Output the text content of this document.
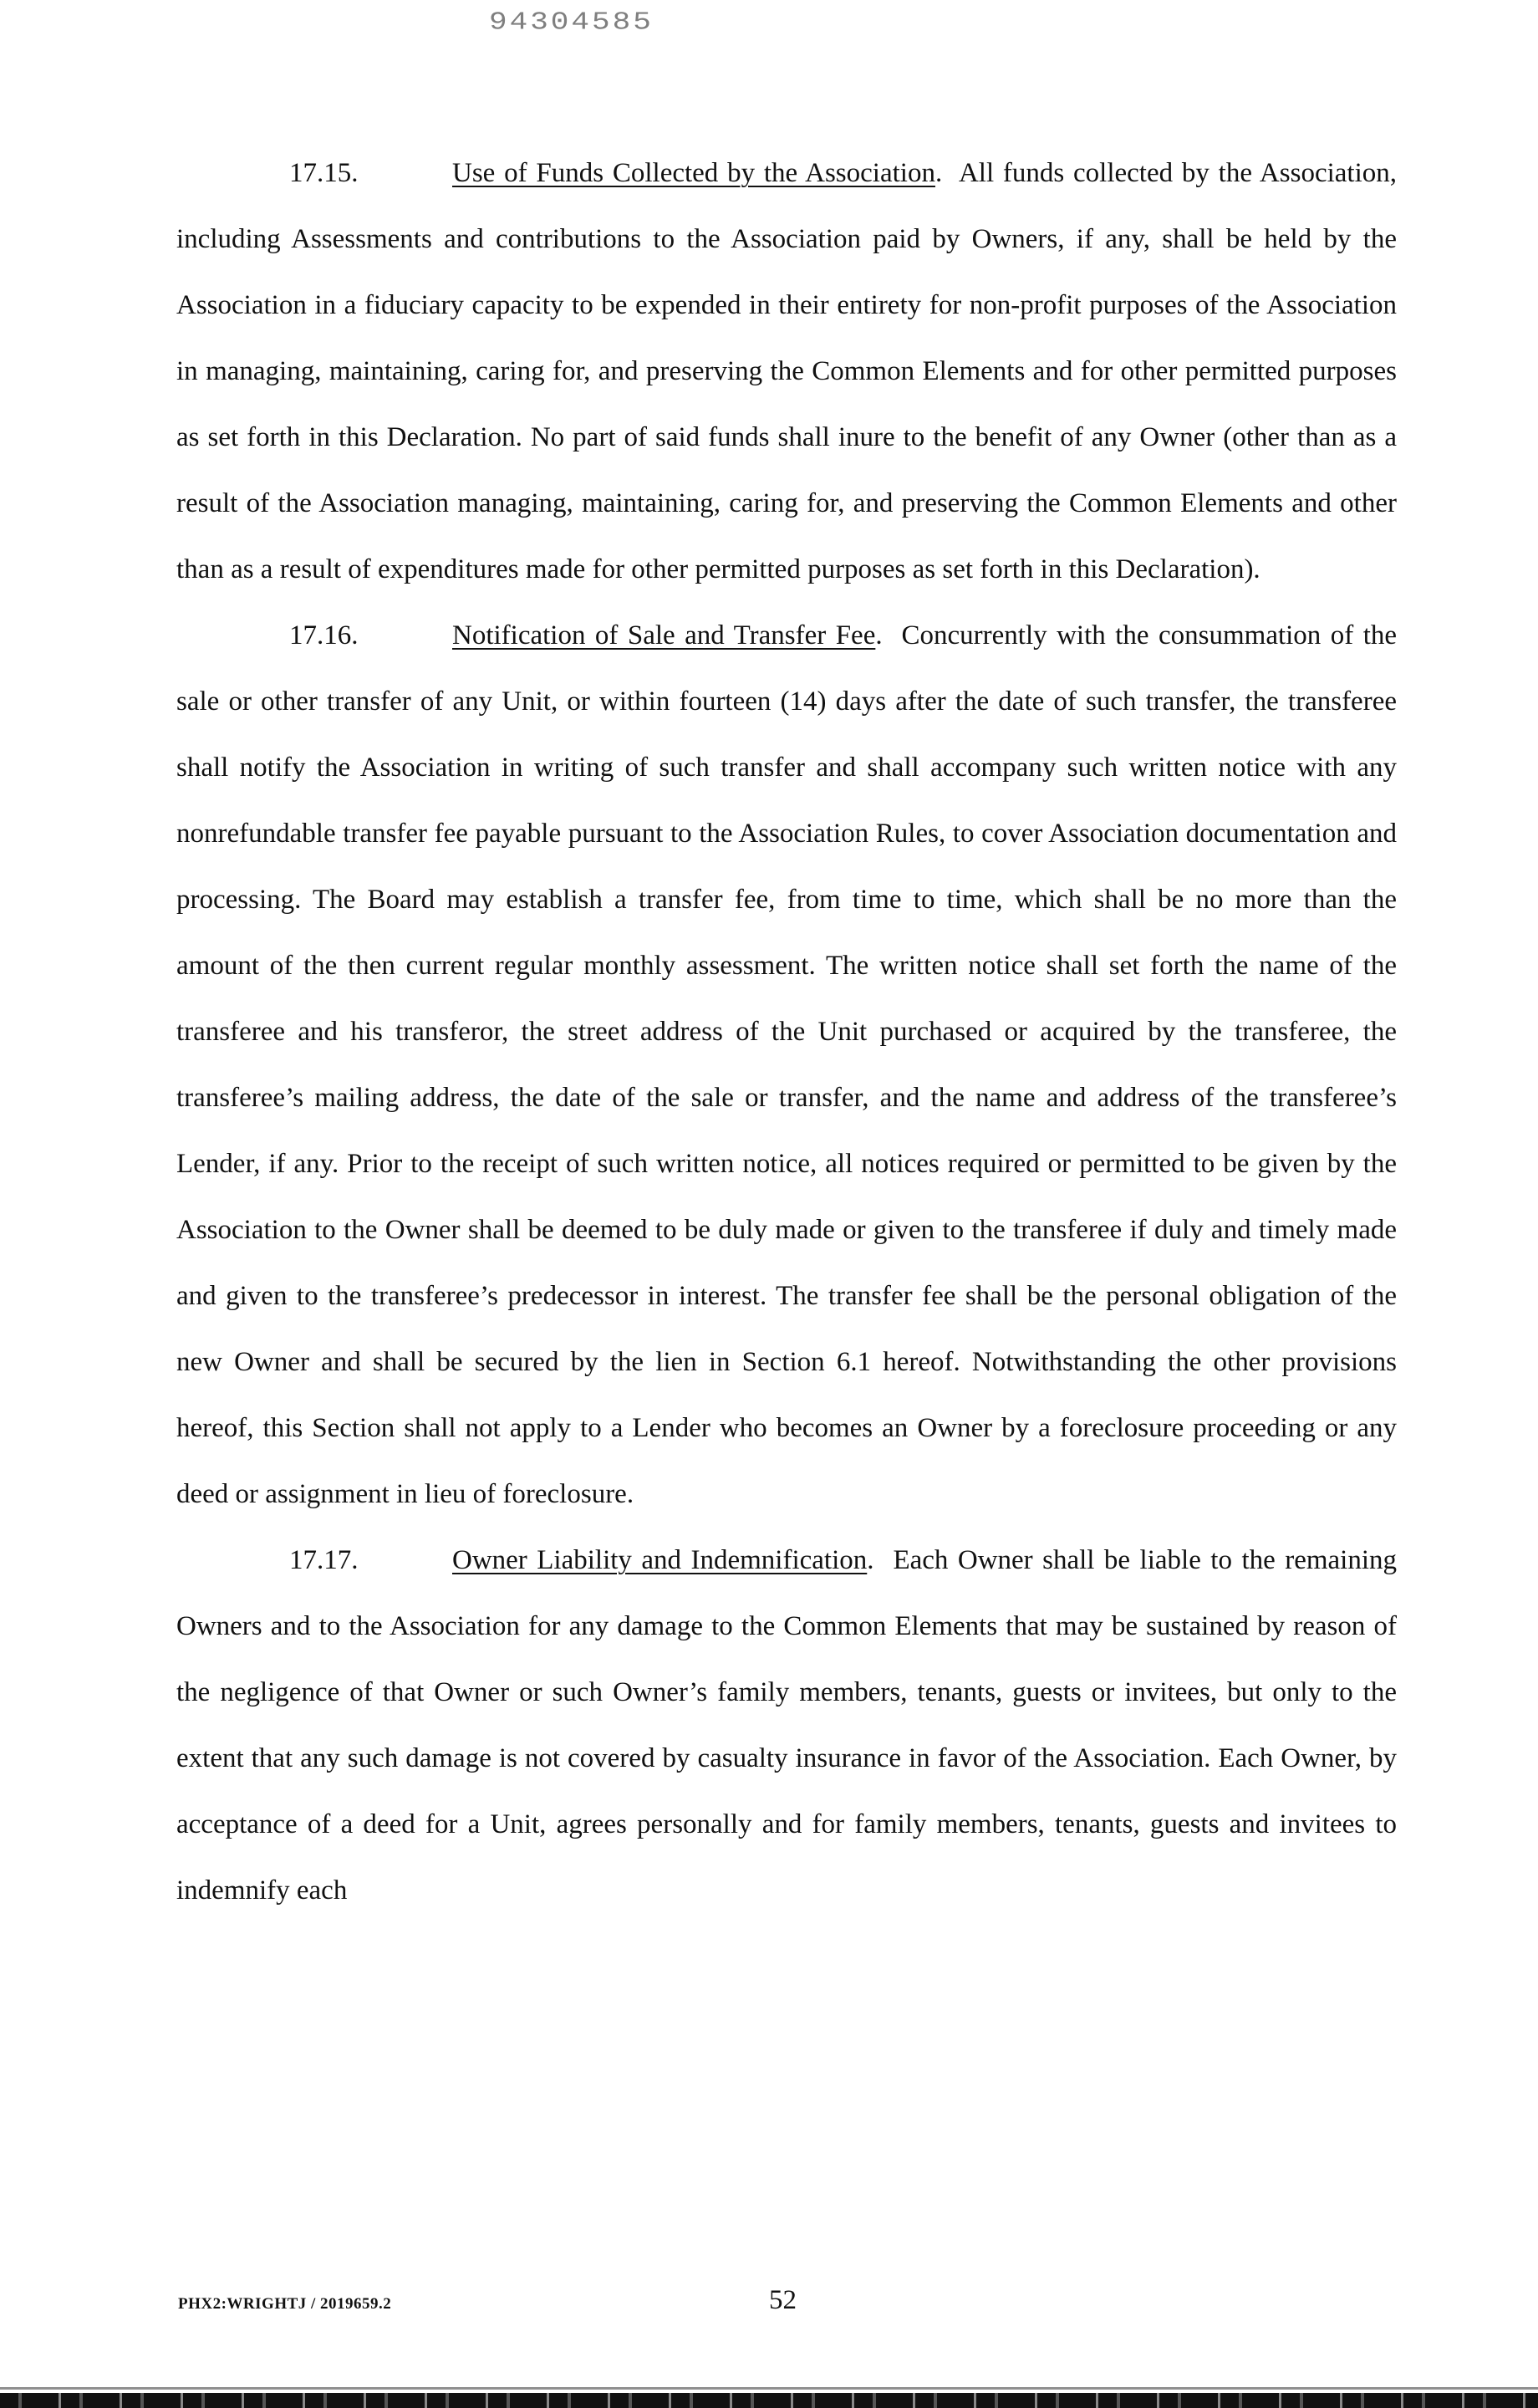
94304585

17.15.	Use of Funds Collected by the Association.  All funds collected by the Association, including Assessments and contributions to the Association paid by Owners, if any, shall be held by the Association in a fiduciary capacity to be expended in their entirety for non-profit purposes of the Association in managing, maintaining, caring for, and preserving the Common Elements and for other permitted purposes as set forth in this Declaration. No part of said funds shall inure to the benefit of any Owner (other than as a result of the Association managing, maintaining, caring for, and preserving the Common Elements and other than as a result of expenditures made for other permitted purposes as set forth in this Declaration).

17.16.	Notification of Sale and Transfer Fee.  Concurrently with the consummation of the sale or other transfer of any Unit, or within fourteen (14) days after the date of such transfer, the transferee shall notify the Association in writing of such transfer and shall accompany such written notice with any nonrefundable transfer fee payable pursuant to the Association Rules, to cover Association documentation and processing. The Board may establish a transfer fee, from time to time, which shall be no more than the amount of the then current regular monthly assessment. The written notice shall set forth the name of the transferee and his transferor, the street address of the Unit purchased or acquired by the transferee, the transferee’s mailing address, the date of the sale or transfer, and the name and address of the transferee’s Lender, if any. Prior to the receipt of such written notice, all notices required or permitted to be given by the Association to the Owner shall be deemed to be duly made or given to the transferee if duly and timely made and given to the transferee’s predecessor in interest. The transfer fee shall be the personal obligation of the new Owner and shall be secured by the lien in Section 6.1 hereof. Notwithstanding the other provisions hereof, this Section shall not apply to a Lender who becomes an Owner by a foreclosure proceeding or any deed or assignment in lieu of foreclosure.

17.17.	Owner Liability and Indemnification.  Each Owner shall be liable to the remaining Owners and to the Association for any damage to the Common Elements that may be sustained by reason of the negligence of that Owner or such Owner’s family members, tenants, guests or invitees, but only to the extent that any such damage is not covered by casualty insurance in favor of the Association. Each Owner, by acceptance of a deed for a Unit, agrees personally and for family members, tenants, guests and invitees to indemnify each

PHX2:WRIGHTJ / 2019659.2	52
